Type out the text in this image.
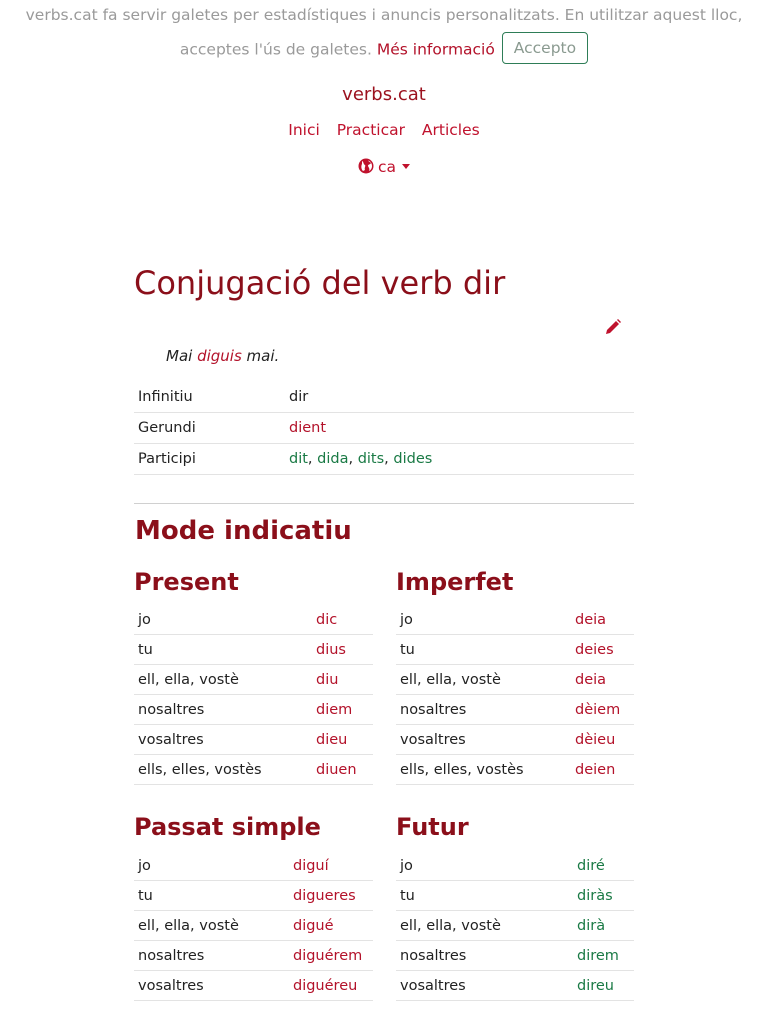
verbs.cat fa servir galetes per estadístiques i anuncis personalitzats. En utilitzar aquest lloc,
acceptes l'ús de galetes. Més informació Accepto
verbs.cat
Inici Practicar Articles
ca
Conjugació del verb dir
Mai diguis mai.
Infinitiu	dir
Gerundi	dient
Participi	dit, dida, dits, dides
Mode indicatiu
Present
jo	dic
tu	dius
ell, ella, vostè	diu
nosaltres	diem
vosaltres	dieu
ells, elles, vostès	diuen
Imperfet
jo	deia
tu	deies
ell, ella, vostè	deia
nosaltres	dèiem
vosaltres	dèieu
ells, elles, vostès	deien
Passat simple
jo	diguí
tu	digueres
ell, ella, vostè	digué
nosaltres	diguérem
vosaltres	diguéreu
Futur
jo	diré
tu	diràs
ell, ella, vostè	dirà
nosaltres	direm
vosaltres	direu
